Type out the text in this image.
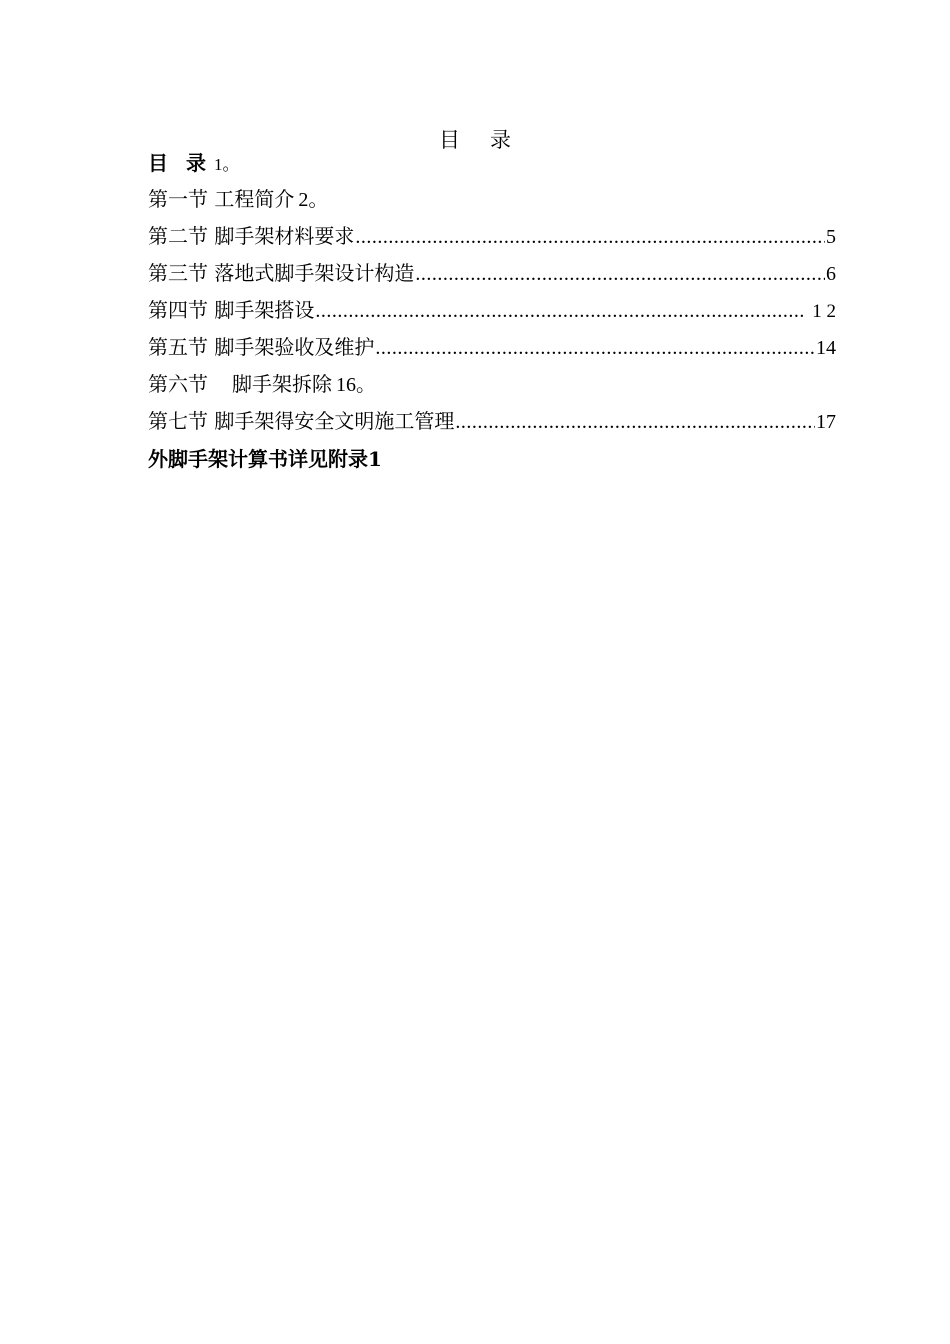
目 录
目 录 1。
第一节 工程简介 2。
第二节 脚手架材料要求 .....	5
第三节 落地式脚手架设计构造 .....	6
第四节 脚手架搭设 .....	1 2
第五节 脚手架验收及维护 .....	14
第六节 脚手架拆除 16。
第七节 脚手架得安全文明施工管理 .....	17
外脚手架计算书详见附录1
